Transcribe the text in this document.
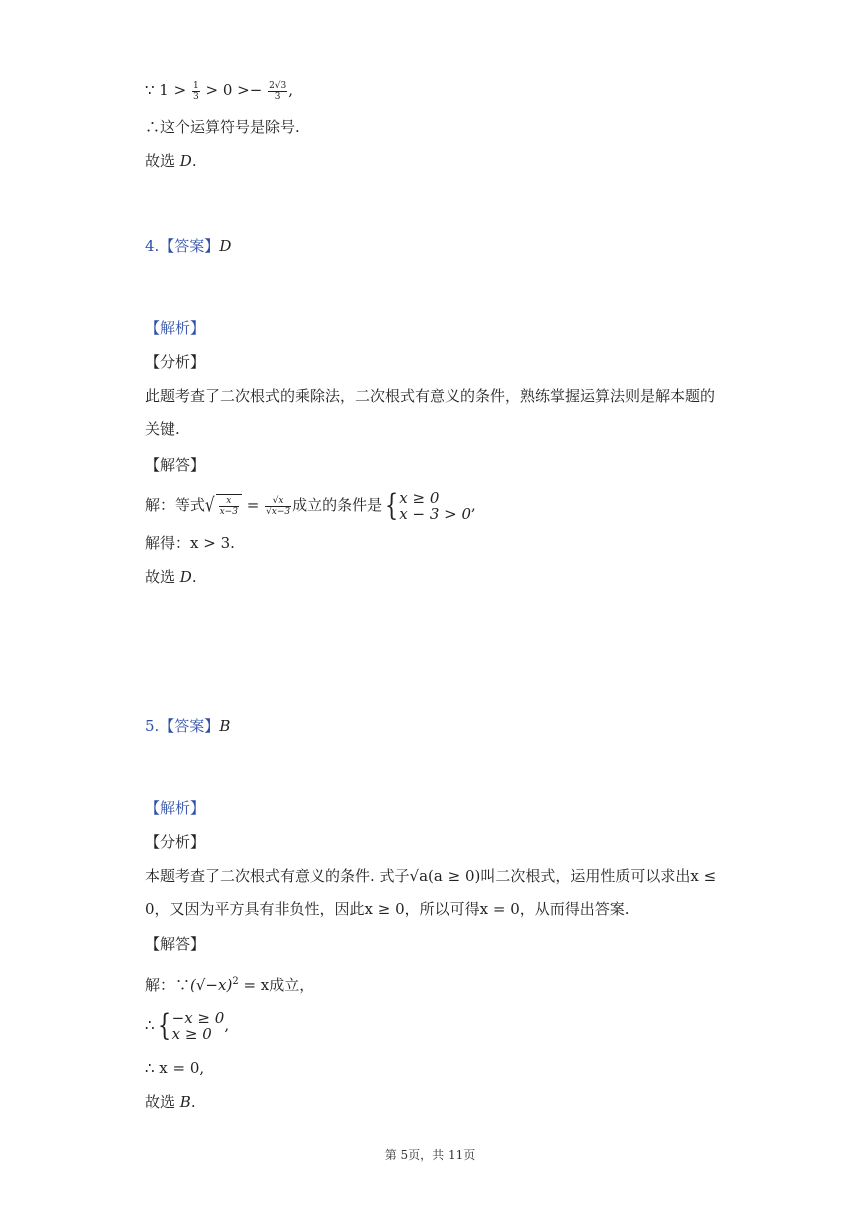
∵ $1 > \frac{1}{3} > 0 >- \frac{2√3}{3}$ ,
∴这个运算符号是除号.
故选 D.
4.【答案】D
【解析】
【分析】
此题考查了二次根式的乘除法，二次根式有意义的条件，熟练掌握运算法则是解本题的
关键.
【解答】
解：等式√ $\frac{x}{x-3} = \frac{√x}{√x-3}$ 成立的条件是{ x ≥ 0
x − 3 > 0 ,
解得：x > 3.
故选 D.
5.【答案】B
【解析】
【分析】
本题考查了二次根式有意义的条件. 式子√a(a ≥ 0)叫二次根式，运用性质可以求出x ≤
0，又因为平方具有非负性，因此x ≥ 0，所以可得x = 0，从而得出答案.
【解答】
解：$\because(√-x)^2 = x$成立，
∴{ −x ≥ 0
x ≥ 0 ,
∴ x = 0,
故选 B.
第 5页，共 11页
